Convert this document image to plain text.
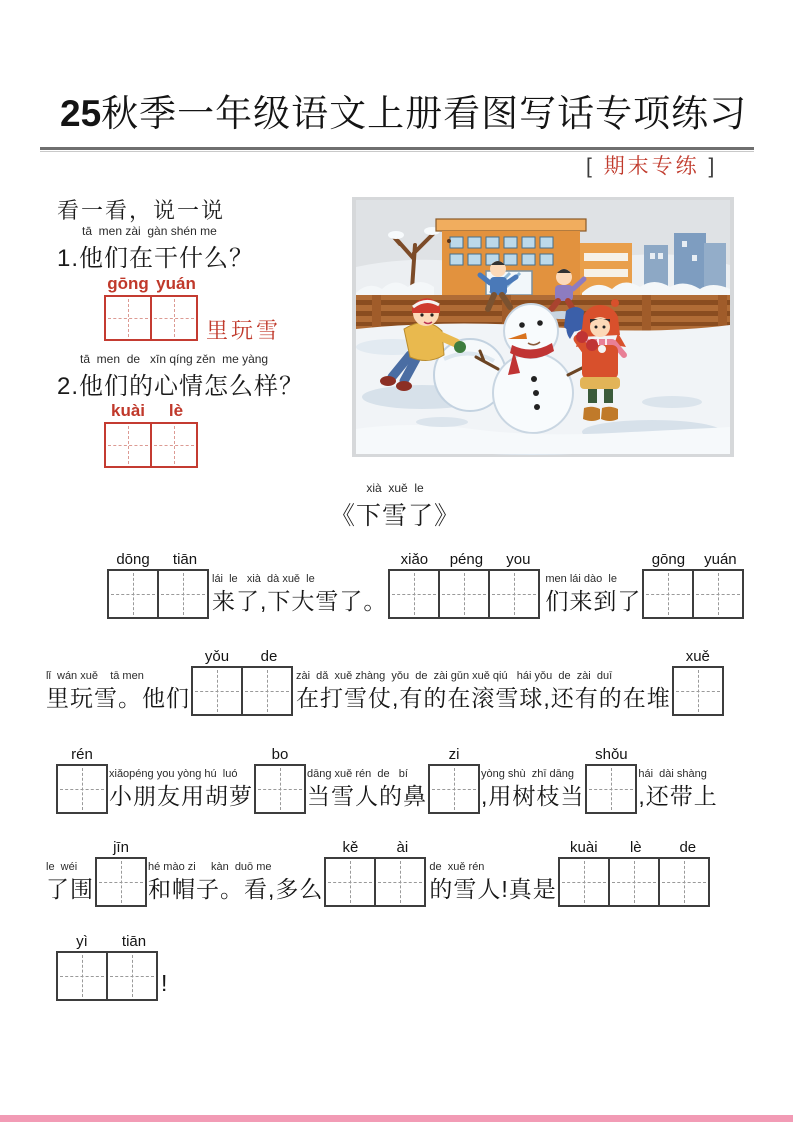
25秋季一年级语文上册看图写话专项练习
[ 期末专练 ]
看一看，说一说
tā  men zài  gàn shén me
1.他们在干什么？
gōng yuán
里玩雪
tā  men  de   xīn qíng zěn  me yàng
2.他们的心情怎么样？
kuài	lè
xià  xuě  le
《下雪了》
dōng	tiān
lái  le   xià  dà xuě  le
来了,下大雪了。
xiǎo	péng	you
men lái dào  le
们来到了
gōng	yuán
lǐ  wán xuě    tā men
里玩雪。他们
yǒu	de
zài  dǎ  xuě zhàng  yǒu  de  zài gǔn xuě qiú   hái yǒu  de  zài  duī
在打雪仗,有的在滚雪球,还有的在堆
xuě
rén
xiǎopéng you yòng hú  luó
小朋友用胡萝
bo
dāng xuě rén  de   bí
当雪人的鼻
zi
yòng shù  zhī dāng
,用树枝当
shǒu
hái  dài shàng
,还带上
le  wéi
了围
jīn
hé mào zi     kàn  duō me
和帽子。看,多么
kě	ài
de  xuě rén
的雪人!真是
kuài	lè	de
yì	tiān
!
